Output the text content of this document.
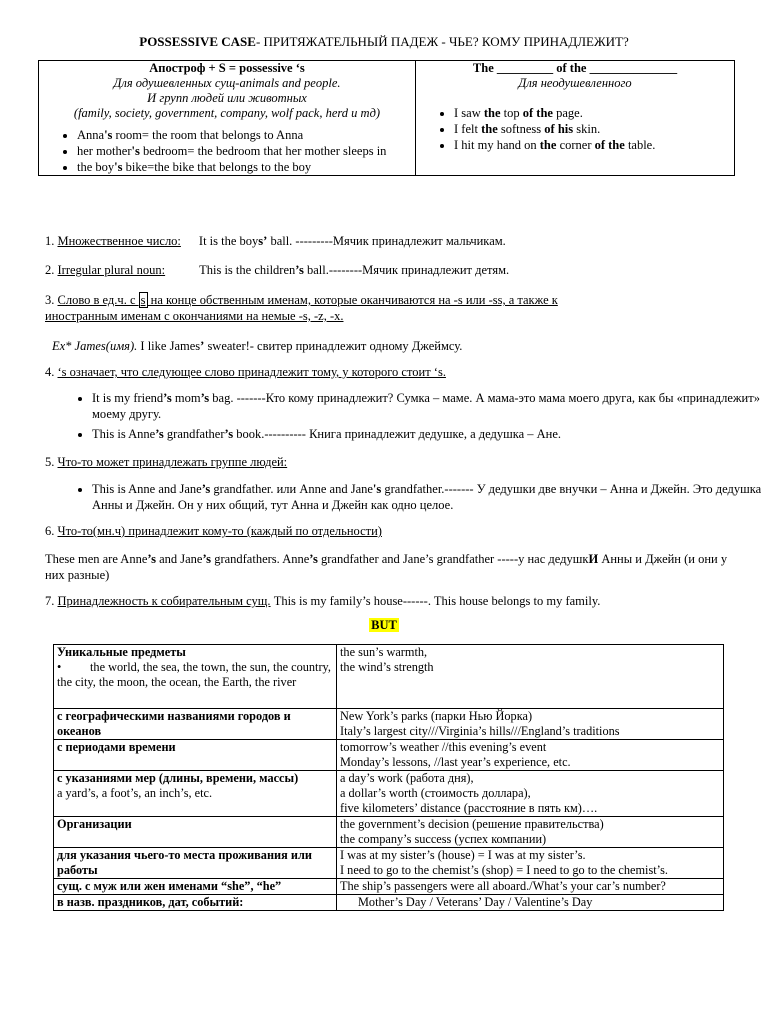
POSSESSIVE CASE- ПРИТЯЖАТЕЛЬНЫЙ ПАДЕЖ - ЧЬЕ? КОМУ ПРИНАДЛЕЖИТ?
Апостроф + S = possessive ‘s
Для одушевленных сущ-animals and people.
И групп людей или животных
(family, society, government, company, wolf pack, herd и тд)
• Anna's room= the room that belongs to Anna
• her mother's bedroom= the bedroom that her mother sleeps in
• the boy's bike=the bike that belongs to the boy

The _________ of the ______________
Для неодушевленного
• I saw the top of the page.
• I felt the softness of his skin.
• I hit my hand on the corner of the table.
1. Множественное число: It is the boys’ ball. ---------Мячик принадлежит мальчикам.
2. Irregular plural noun:	This is the children’s ball.--------Мячик принадлежит детям.
3. Слово в ед.ч. с s на конце обственным именам, которые оканчиваются на -s или -ss, а также к
иностранным именам с окончаниями на немые -s, -z, -x.
Ex* James(имя). I like James’ sweater!- свитер принадлежит одному Джеймсу.
4. ‘s означает, что следующее слово принадлежит тому, у которого стоит ‘s.
• It is my friend’s mom’s bag. -------Кто кому принадлежит? Сумка – маме. А мама-это мама моего друга, как бы «принадлежит» моему другу.
• This is Anne’s grandfather’s book.---------- Книга принадлежит дедушке, а дедушка – Ане.
5. Что-то может принадлежать группе людей:
• This is Anne and Jane’s grandfather. или Anne and Jane's grandfather.------- У дедушки две внучки – Анна и Джейн. Это дедушка Анны и Джейн. Он у них общий, тут Анна и Джейн как одно целое.
6. Что-то(мн.ч) принадлежит кому-то (каждый по отдельности)
These men are Anne’s and Jane’s grandfathers. Anne’s grandfather and Jane’s grandfather -----у нас дедушкИ Анны и Джейн (и они у них разные)
7. Принадлежность к собирательным сущ. This is my family’s house------. This house belongs to my family.
BUT
Уникальные предметы
• the world, the sea, the town, the sun, the country, the city, the moon, the ocean, the Earth, the river	the sun’s warmth,
the wind’s strength
с географическими названиями городов и океанов	New York’s parks (парки Нью Йорка)
Italy’s largest city///Virginia’s hills///England’s traditions
с периодами времени	tomorrow’s weather //this evening’s event
Monday’s lessons, //last year’s experience, etc.
с указаниями мер (длины, времени, массы)
a yard’s, a foot’s, an inch’s, etc.	a day’s work (работа дня),
a dollar’s worth (стоимость доллара),
five kilometers’ distance (расстояние в пять км)….
Организации	the government’s decision (решение правительства)
the company’s success (успех компании)
для указания чьего-то места проживания или работы	I was at my sister’s (house) = I was at my sister’s.
I need to go to the chemist’s (shop) = I need to go to the chemist’s.
сущ. с муж или жен именами “she”, “he”	The ship’s passengers were all aboard./What’s your car’s number?
в назв. праздников, дат, событий:	Mother’s Day / Veterans’ Day / Valentine’s Day
